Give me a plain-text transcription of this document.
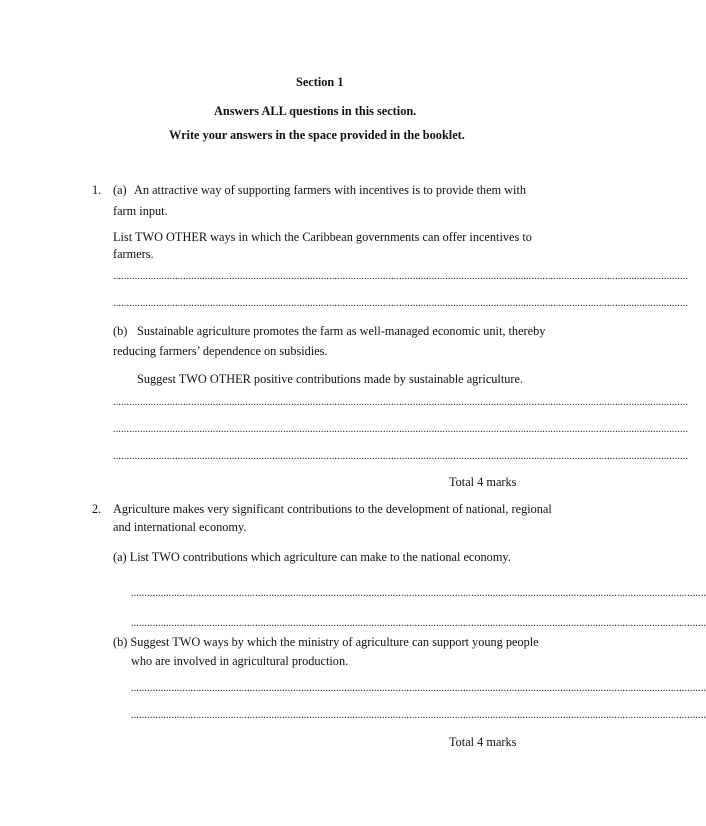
Section 1
Answers ALL questions in this section.
Write your answers in the space provided in the booklet.
1. (a) An attractive way of supporting farmers with incentives is to provide them with
farm input.
List TWO OTHER ways in which the Caribbean governments can offer incentives to
farmers.
.....................................................................................................................................................................................................................
.....................................................................................................................................................................................................................
(b) Sustainable agriculture promotes the farm as well-managed economic unit, thereby
reducing farmers’ dependence on subsidies.
Suggest TWO OTHER positive contributions made by sustainable agriculture.
.....................................................................................................................................................................................................................
.....................................................................................................................................................................................................................
.....................................................................................................................................................................................................................
Total 4 marks
2. Agriculture makes very significant contributions to the development of national, regional
and international economy.
(a) List TWO contributions which agriculture can make to the national economy.
.....................................................................................................................................................................................................................
.....................................................................................................................................................................................................................
(b) Suggest TWO ways by which the ministry of agriculture can support young people
who are involved in agricultural production.
.....................................................................................................................................................................................................................
.....................................................................................................................................................................................................................
Total 4 marks
